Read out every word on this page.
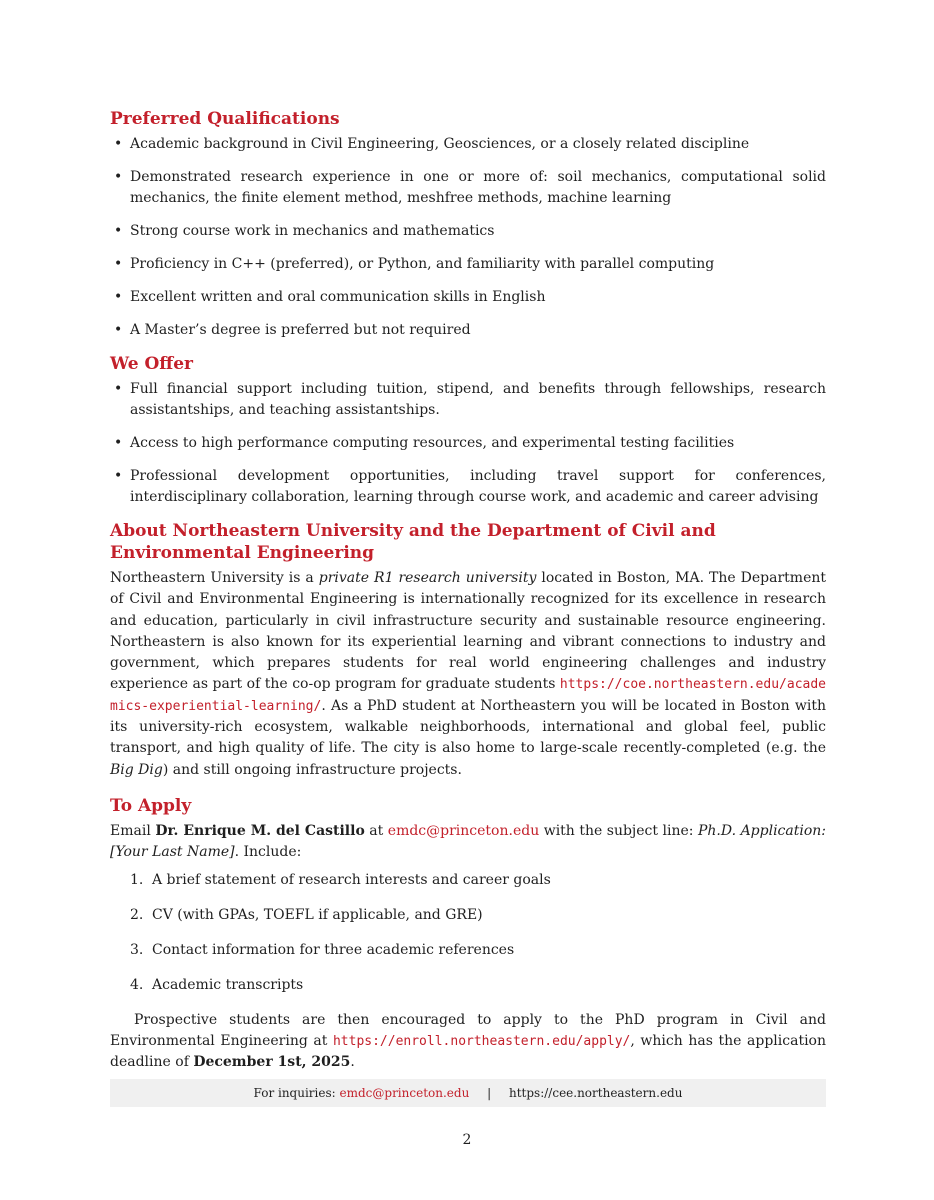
Preferred Qualifications
• Academic background in Civil Engineering, Geosciences, or a closely related discipline
• Demonstrated research experience in one or more of: soil mechanics, computational solid mechanics, the finite element method, meshfree methods, machine learning
• Strong course work in mechanics and mathematics
• Proficiency in C++ (preferred), or Python, and familiarity with parallel computing
• Excellent written and oral communication skills in English
• A Master’s degree is preferred but not required
We Offer
• Full financial support including tuition, stipend, and benefits through fellowships, research assistantships, and teaching assistantships.
• Access to high performance computing resources, and experimental testing facilities
• Professional development opportunities, including travel support for conferences, interdisciplinary collaboration, learning through course work, and academic and career advising
About Northeastern University and the Department of Civil and Environmental Engineering

Northeastern University is a private R1 research university located in Boston, MA. The Department of Civil and Environmental Engineering is internationally recognized for its excellence in research and education, particularly in civil infrastructure security and sustainable resource engineering. Northeastern is also known for its experiential learning and vibrant connections to industry and government, which prepares students for real world engineering challenges and industry experience as part of the co-op program for graduate students https://coe.northeastern.edu/academics-experiential-learning/. As a PhD student at Northeastern you will be located in Boston with its university-rich ecosystem, walkable neighborhoods, international and global feel, public transport, and high quality of life. The city is also home to large-scale recently-completed (e.g. the Big Dig) and still ongoing infrastructure projects.

To Apply

Email Dr. Enrique M. del Castillo at emdc@princeton.edu with the subject line: Ph.D. Application: [Your Last Name]. Include:

1. A brief statement of research interests and career goals
2. CV (with GPAs, TOEFL if applicable, and GRE)
3. Contact information for three academic references
4. Academic transcripts

Prospective students are then encouraged to apply to the PhD program in Civil and Environmental Engineering at https://enroll.northeastern.edu/apply/, which has the application deadline of December 1st, 2025.

For inquiries: emdc@princeton.edu | https://cee.northeastern.edu
2
